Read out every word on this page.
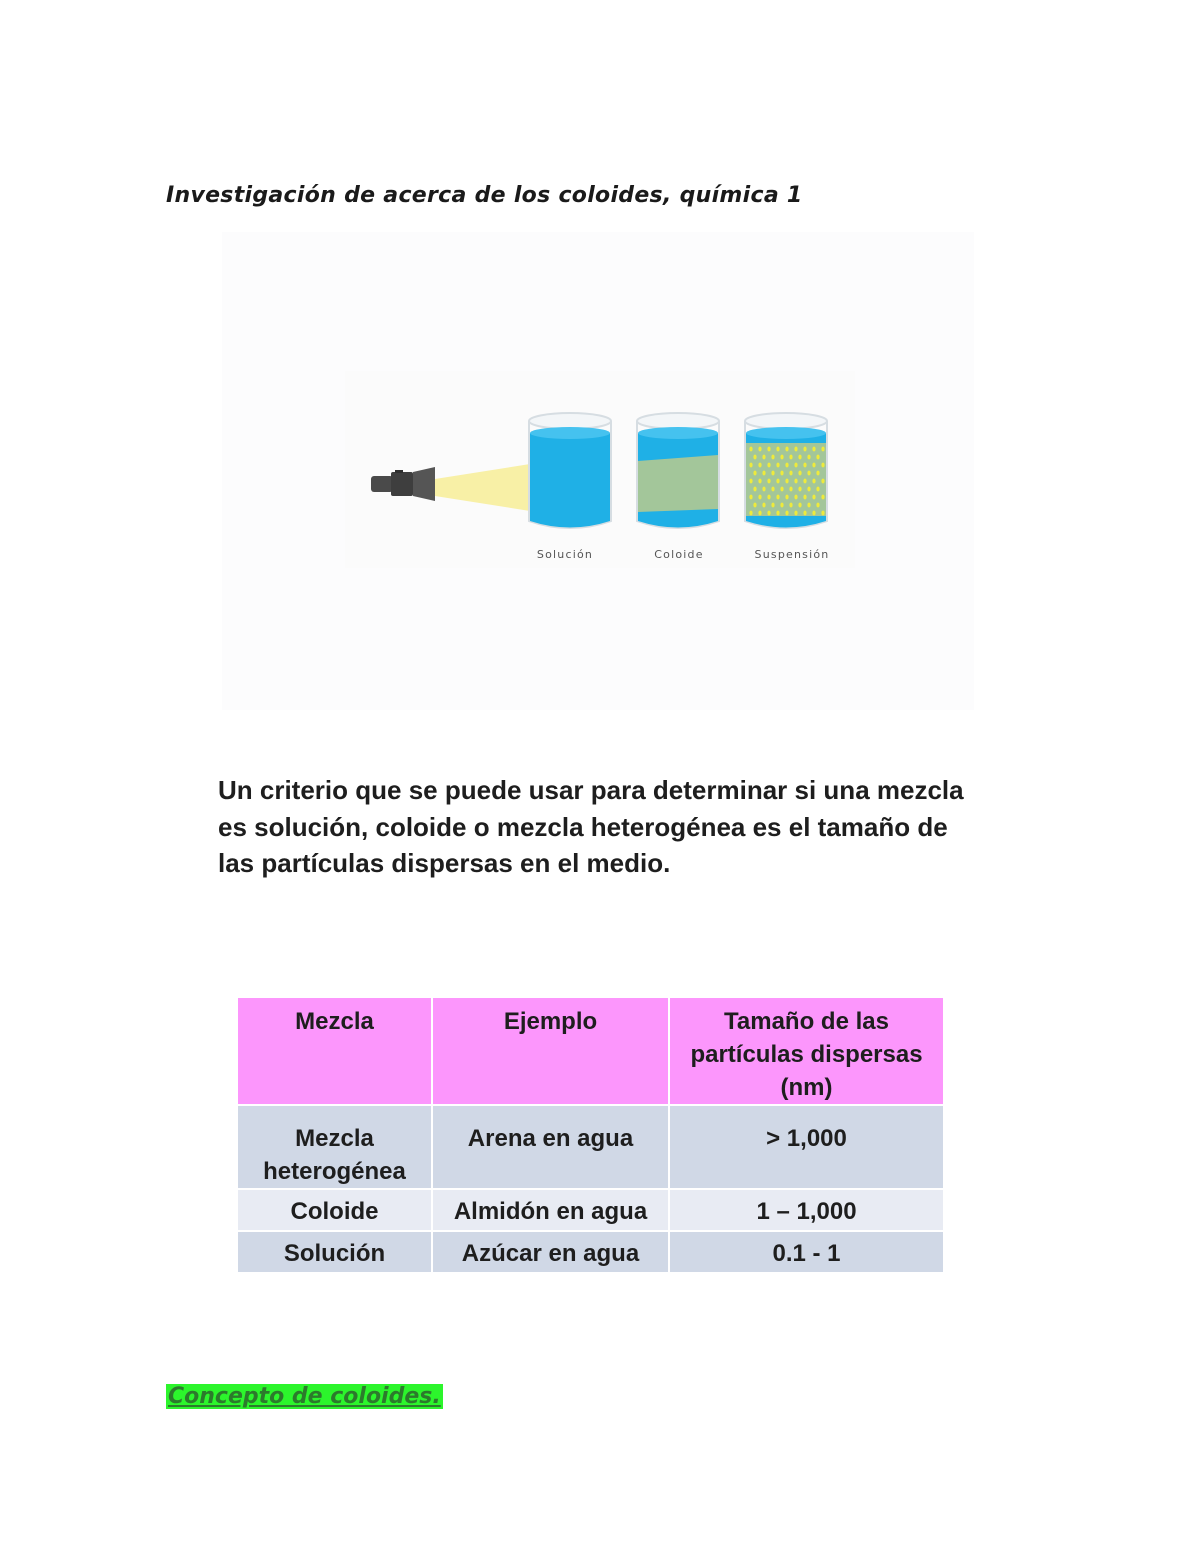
Investigación de acerca de los coloides, química 1
Solución	Coloide	Suspensión

Un criterio que se puede usar para determinar si una mezcla es solución, coloide o mezcla heterogénea es el tamaño de las partículas dispersas en el medio.

Mezcla	Ejemplo	Tamaño de las partículas dispersas (nm)
Mezcla heterogénea	Arena en agua	> 1,000
Coloide	Almidón en agua	1 – 1,000
Solución	Azúcar en agua	0.1 - 1

Concepto de coloides.
